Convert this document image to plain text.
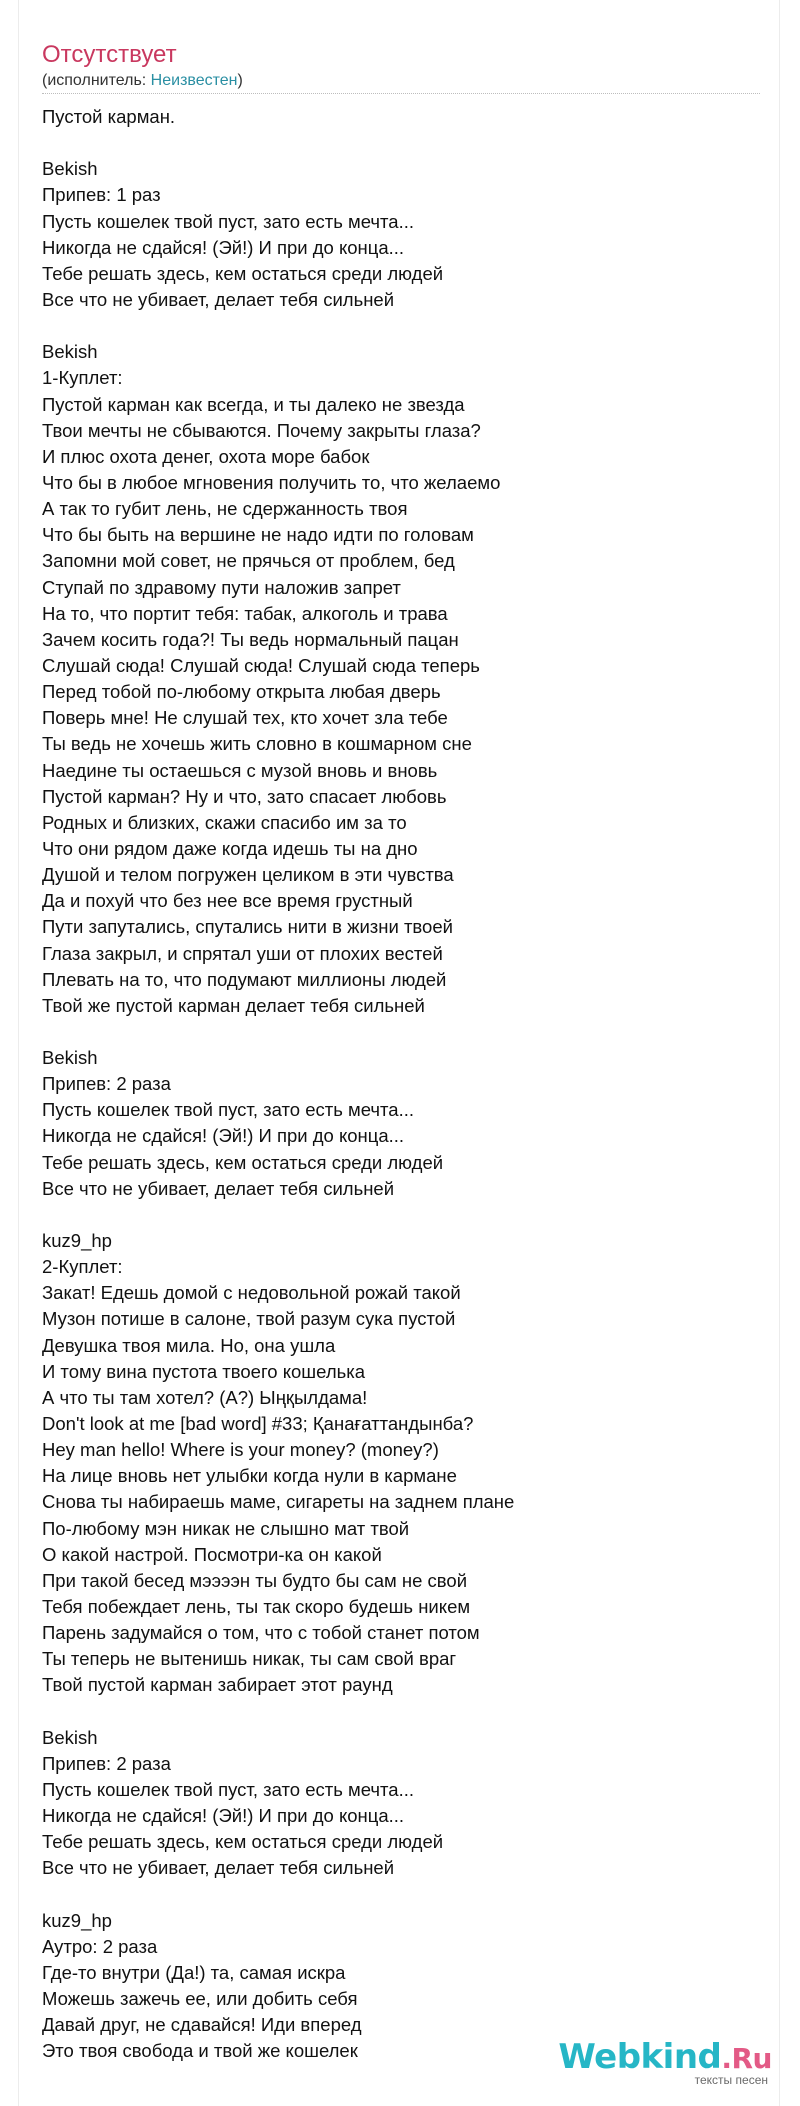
Отсутствует
(исполнитель: Неизвестен)
Пустой карман.
Bekish
Припев: 1 раз
Пусть кошелек твой пуст, зато есть мечта...
Никогда не сдайся! (Эй!) И при до конца...
Тебе решать здесь, кем остаться среди людей
Все что не убивает, делает тебя сильней
Bekish
1-Куплет:
Пустой карман как всегда, и ты далеко не звезда
Твои мечты не сбываются. Почему закрыты глаза?
И плюс охота денег, охота море бабок
Что бы в любое мгновения получить то, что желаемо
А так то губит лень, не сдержанность твоя
Что бы быть на вершине не надо идти по головам
Запомни мой совет, не прячься от проблем, бед
Ступай по здравому пути наложив запрет
На то, что портит тебя: табак, алкоголь и трава
Зачем косить года?! Ты ведь нормальный пацан
Слушай сюда! Слушай сюда! Слушай сюда теперь
Перед тобой по-любому открыта любая дверь
Поверь мне! Не слушай тех, кто хочет зла тебе
Ты ведь не хочешь жить словно в кошмарном сне
Наедине ты остаешься с музой вновь и вновь
Пустой карман? Ну и что, зато спасает любовь
Родных и близких, скажи спасибо им за то
Что они рядом даже когда идешь ты на дно
Душой и телом погружен целиком в эти чувства
Да и похуй что без нее все время грустный
Пути запутались, спутались нити в жизни твоей
Глаза закрыл, и спрятал уши от плохих вестей
Плевать на то, что подумают миллионы людей
Твой же пустой карман делает тебя сильней
Bekish
Припев: 2 раза
Пусть кошелек твой пуст, зато есть мечта...
Никогда не сдайся! (Эй!) И при до конца...
Тебе решать здесь, кем остаться среди людей
Все что не убивает, делает тебя сильней
kuz9_hp
2-Куплет:
Закат! Едешь домой с недовольной рожай такой
Музон потише в салоне, твой разум сука пустой
Девушка твоя мила. Но, она ушла
И тому вина пустота твоего кошелька
А что ты там хотел? (А?) Ыңқылдама!
Don't look at me [bad word] #33; Қанағаттандынба?
Hey man hello! Where is your money? (money?)
На лице вновь нет улыбки когда нули в кармане
Снова ты набираешь маме, сигареты на заднем плане
По-любому мэн никак не слышно мат твой
О какой настрой. Посмотри-ка он какой
При такой бесед мээээн ты будто бы сам не свой
Тебя побеждает лень, ты так скоро будешь никем
Парень задумайся о том, что с тобой станет потом
Ты теперь не вытенишь никак, ты сам свой враг
Твой пустой карман забирает этот раунд
Bekish
Припев: 2 раза
Пусть кошелек твой пуст, зато есть мечта...
Никогда не сдайся! (Эй!) И при до конца...
Тебе решать здесь, кем остаться среди людей
Все что не убивает, делает тебя сильней
kuz9_hp
Аутро: 2 раза
Где-то внутри (Да!) та, самая искра
Можешь зажечь ее, или добить себя
Давай друг, не сдавайся! Иди вперед
Это твоя свобода и твой же кошелек	Webkind.Ru
тексты песен
